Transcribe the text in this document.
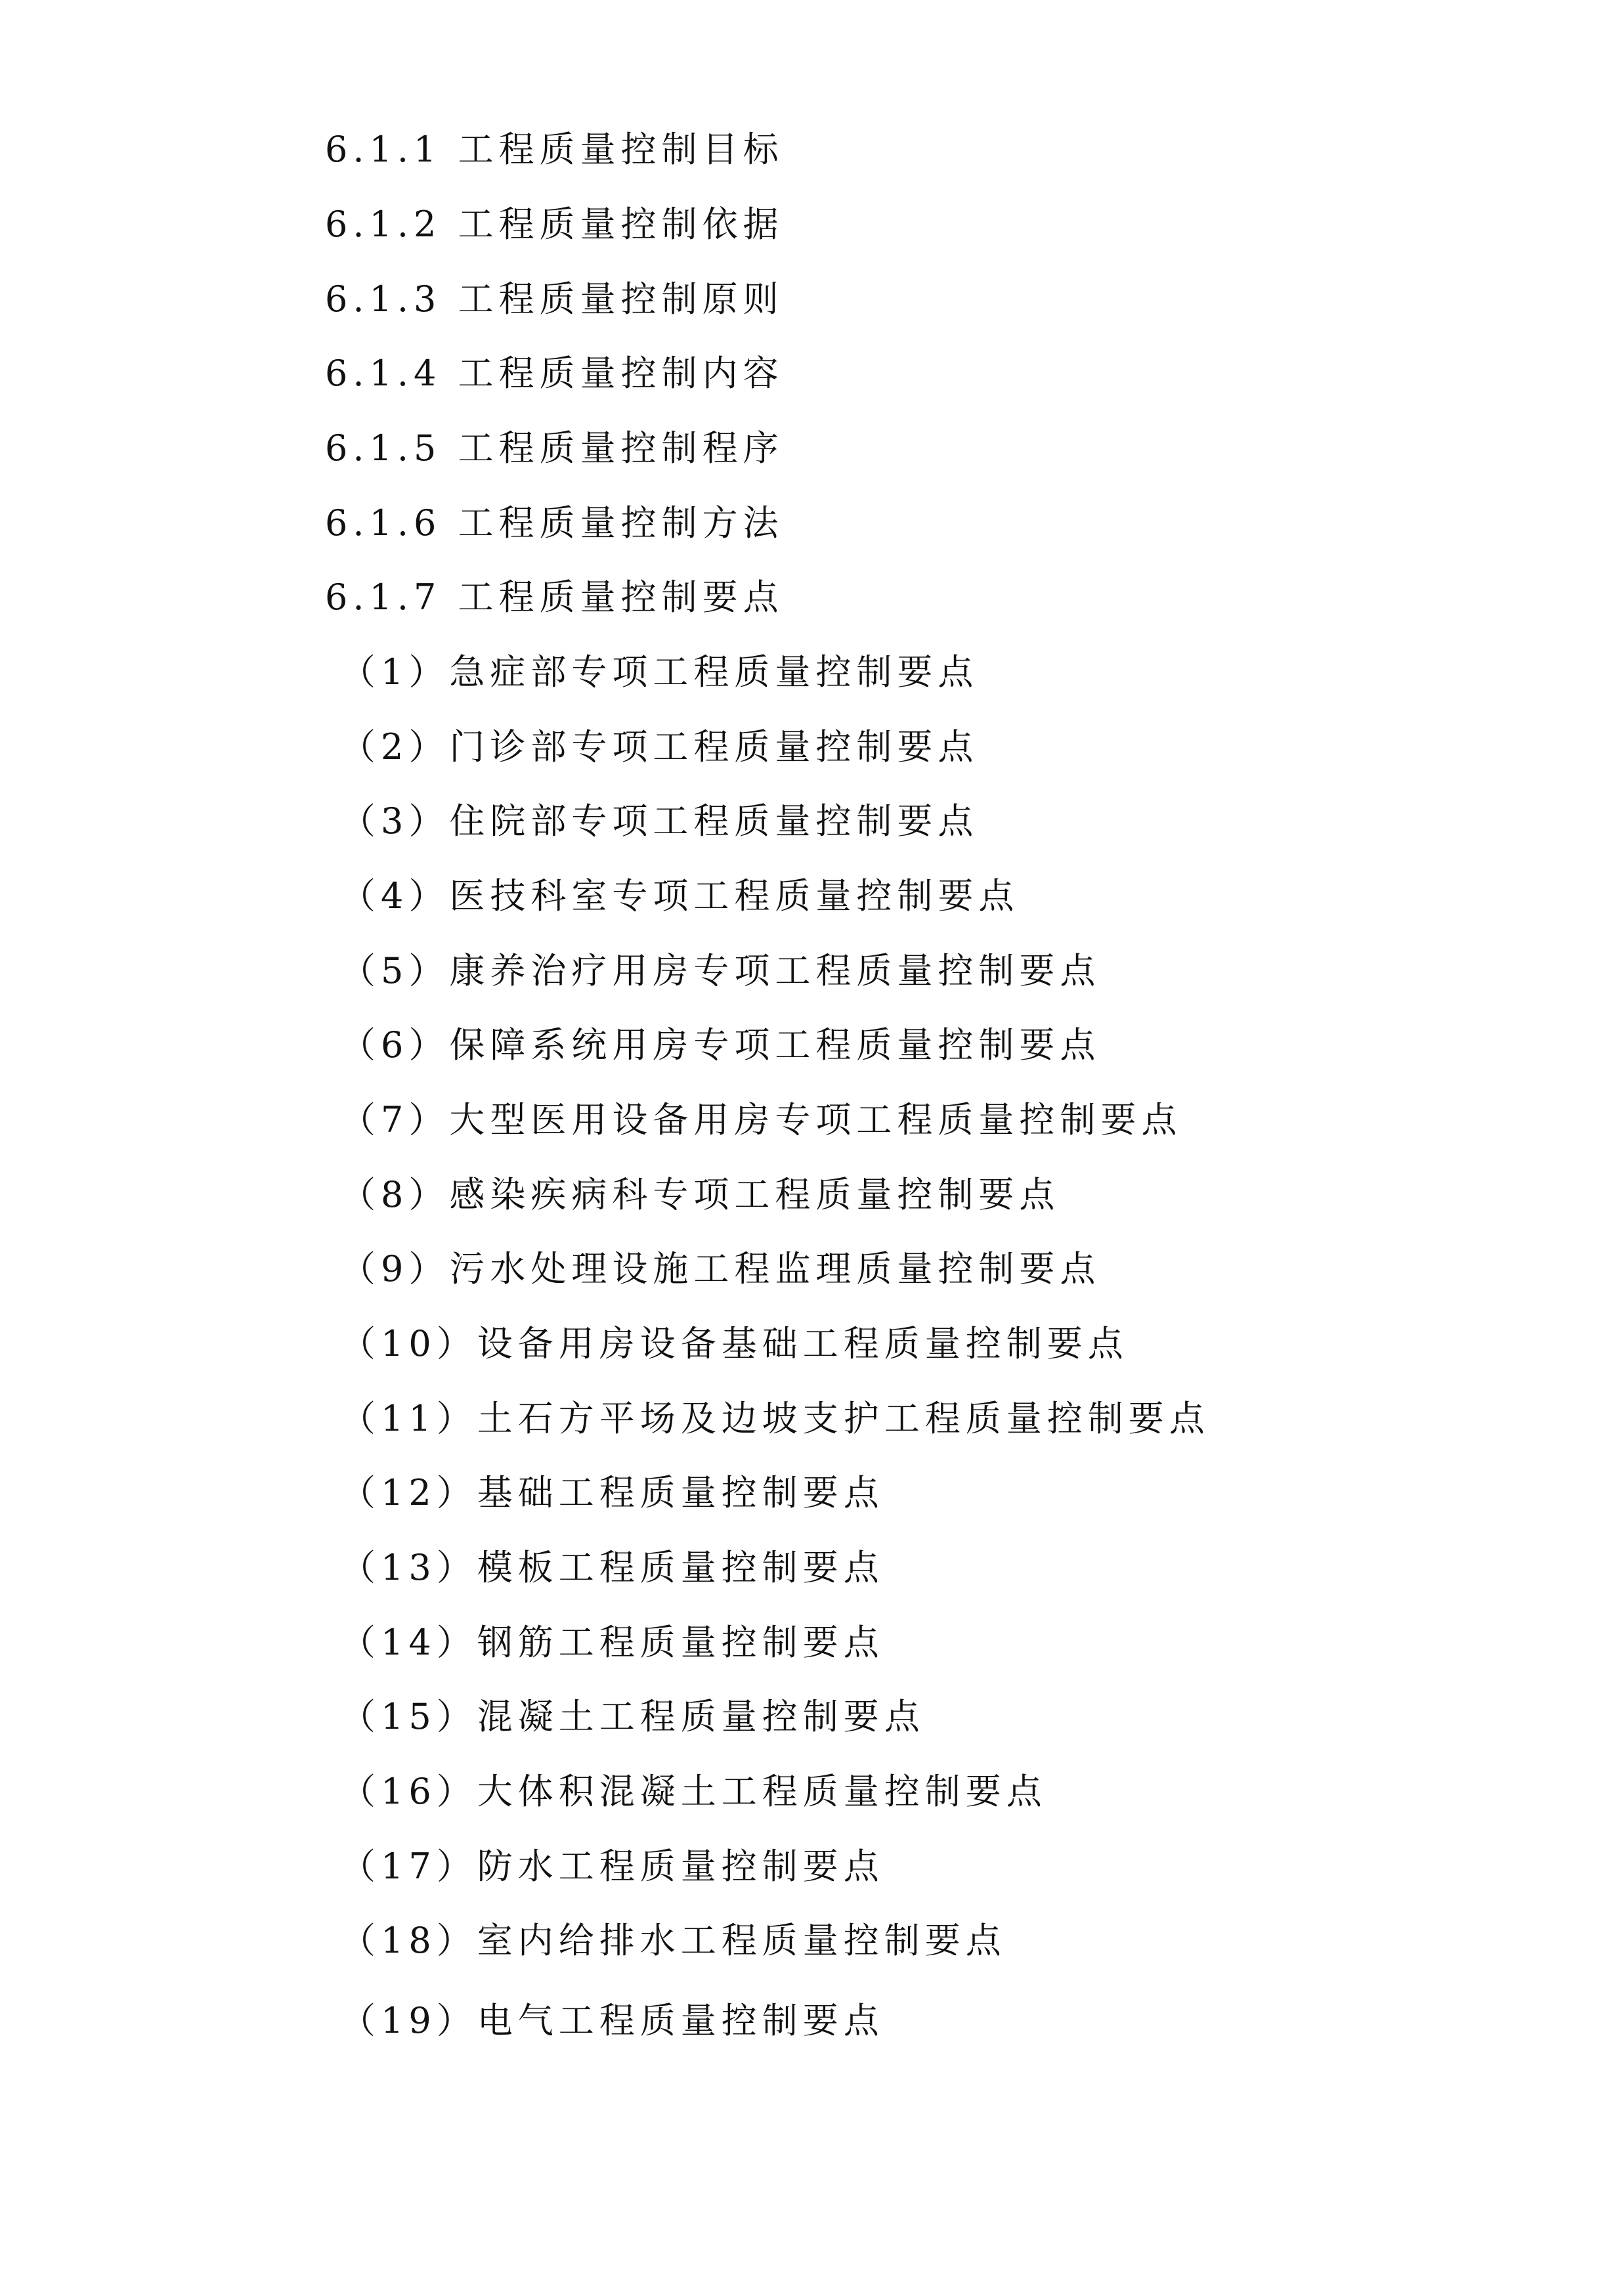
6.1.1 工程质量控制目标
6.1.2 工程质量控制依据
6.1.3 工程质量控制原则
6.1.4 工程质量控制内容
6.1.5 工程质量控制程序
6.1.6 工程质量控制方法
6.1.7 工程质量控制要点
（1）急症部专项工程质量控制要点
（2）门诊部专项工程质量控制要点
（3）住院部专项工程质量控制要点
（4）医技科室专项工程质量控制要点
（5）康养治疗用房专项工程质量控制要点
（6）保障系统用房专项工程质量控制要点
（7）大型医用设备用房专项工程质量控制要点
（8）感染疾病科专项工程质量控制要点
（9）污水处理设施工程监理质量控制要点
（10）设备用房设备基础工程质量控制要点
（11）土石方平场及边坡支护工程质量控制要点
（12）基础工程质量控制要点
（13）模板工程质量控制要点
（14）钢筋工程质量控制要点
（15）混凝土工程质量控制要点
（16）大体积混凝土工程质量控制要点
（17）防水工程质量控制要点
（18）室内给排水工程质量控制要点
（19）电气工程质量控制要点
